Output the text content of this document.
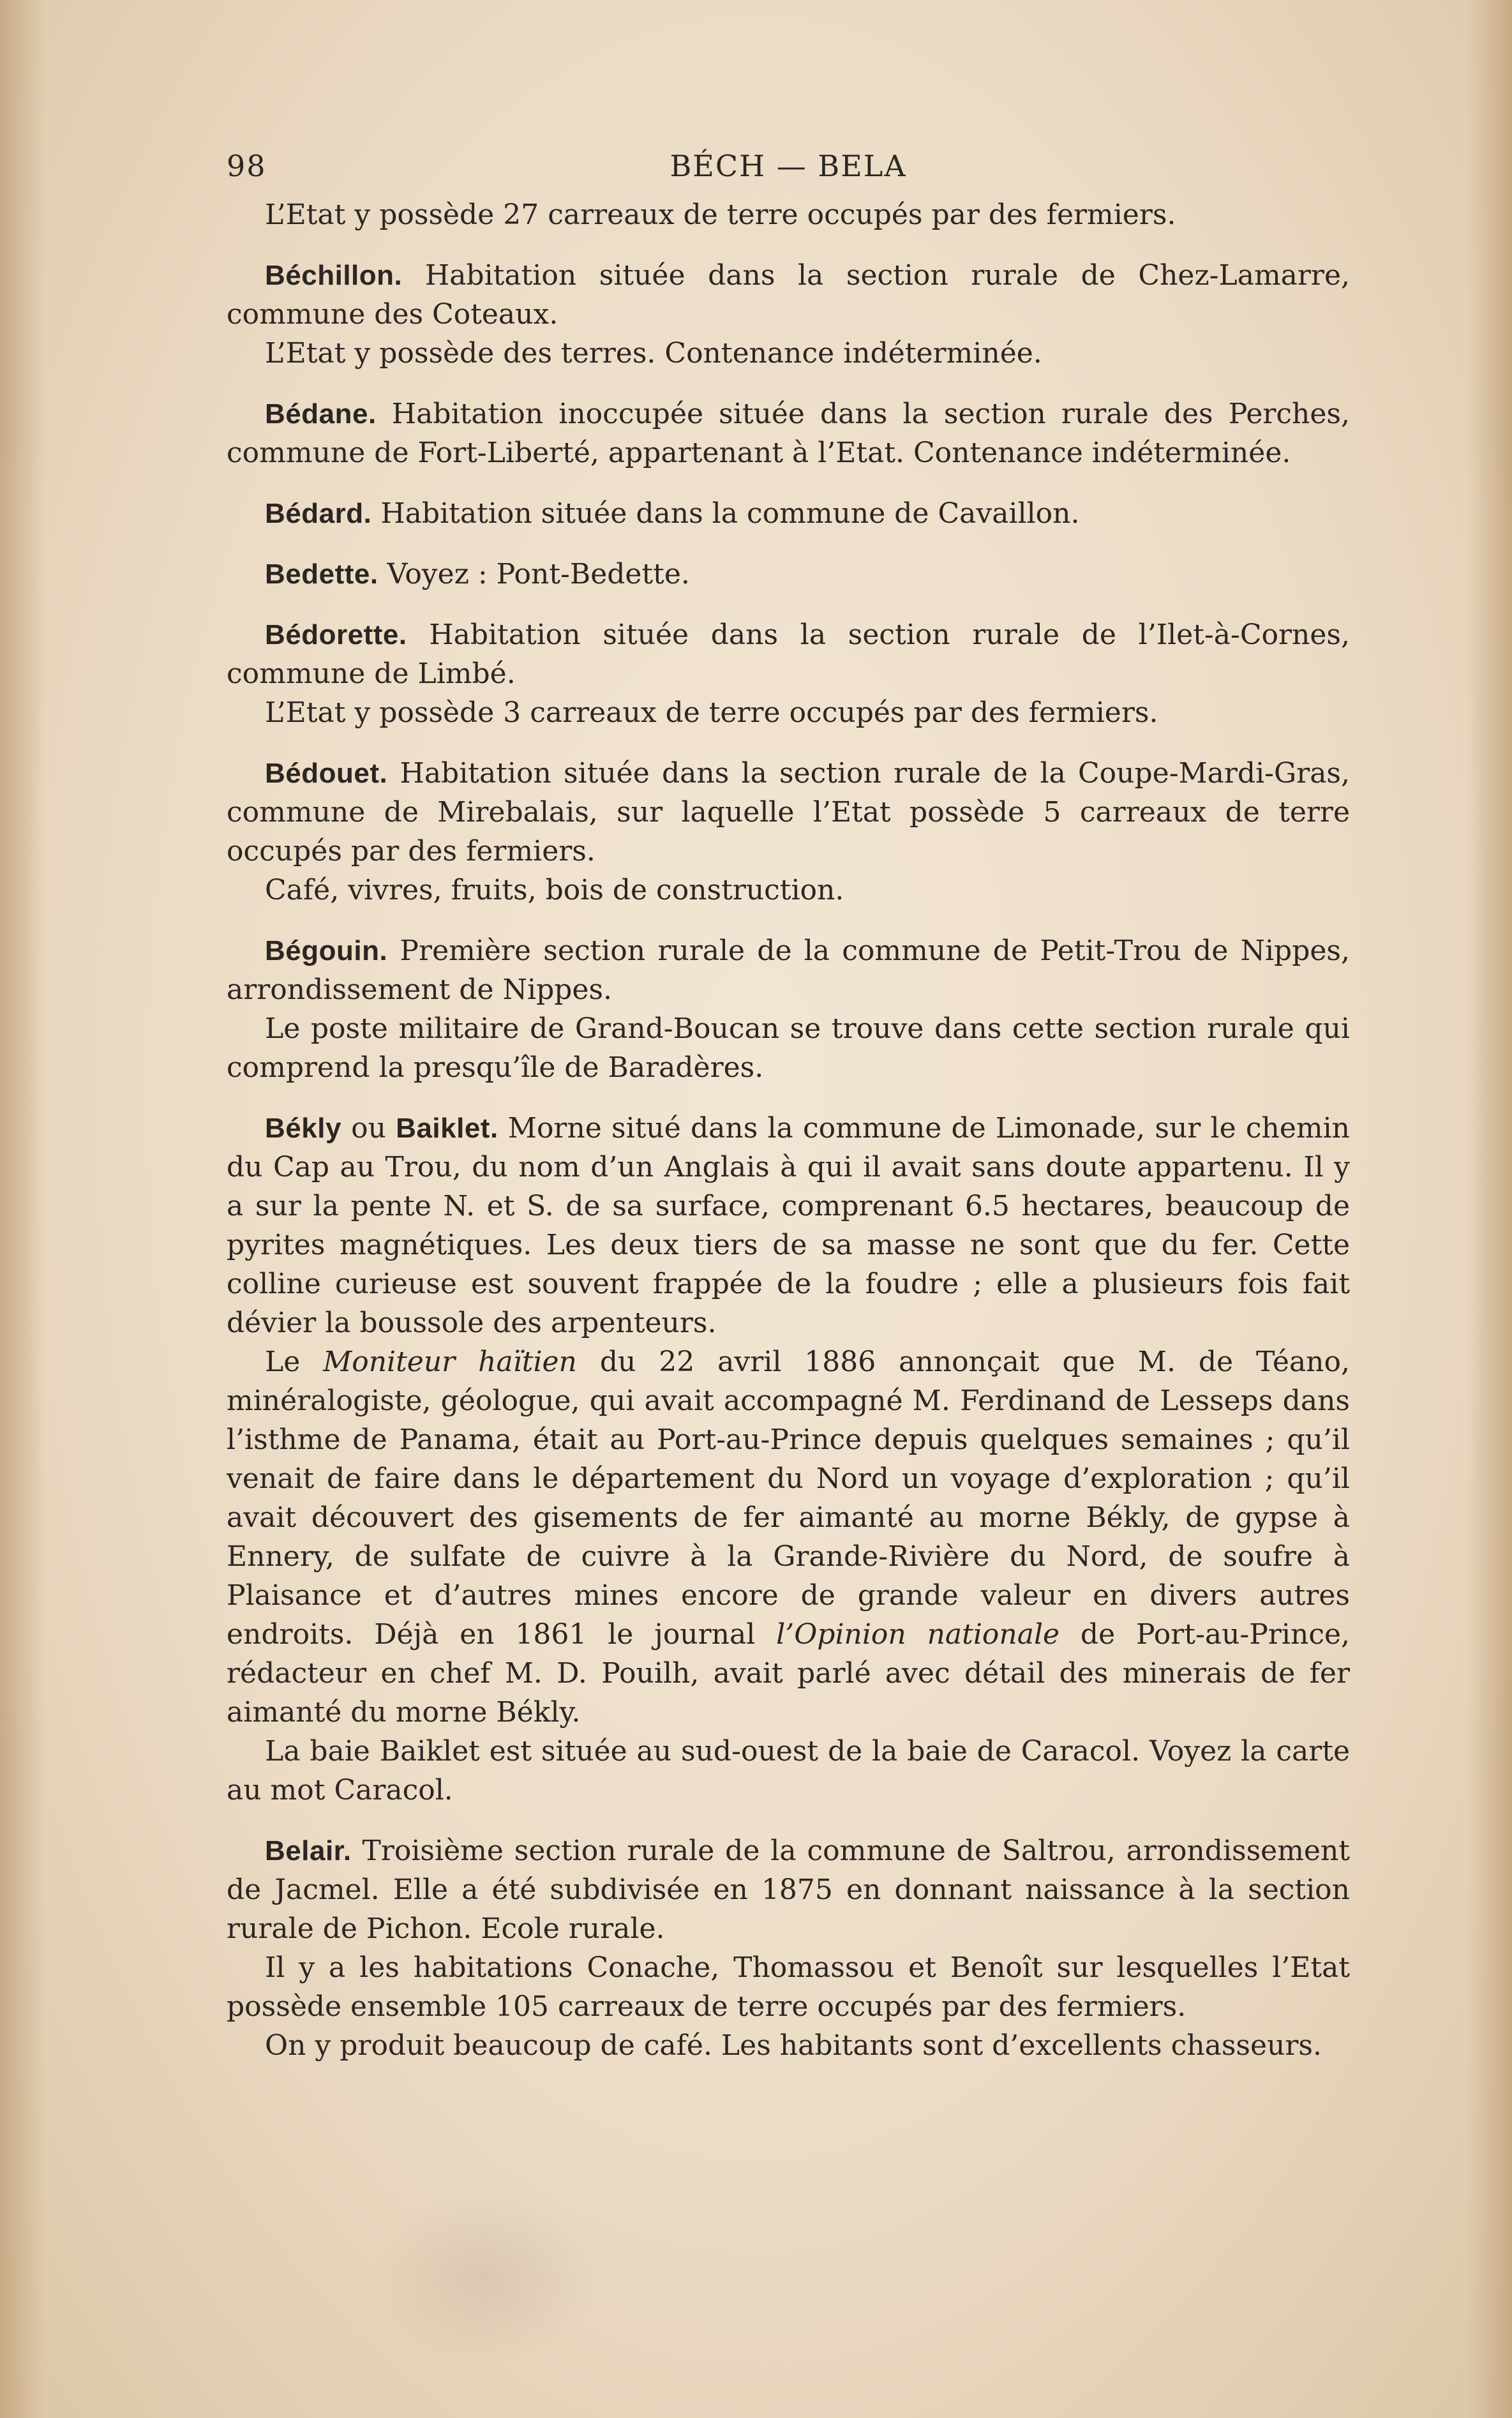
98	BÉCH — BELA

L’Etat y possède 27 carreaux de terre occupés par des fermiers.

Béchillon. Habitation située dans la section rurale de Chez-Lamarre, commune des Coteaux.

L’Etat y possède des terres. Contenance indéterminée.

Bédane. Habitation inoccupée située dans la section rurale des Perches, commune de Fort-Liberté, appartenant à l’Etat. Contenance indéterminée.

Bédard. Habitation située dans la commune de Cavaillon.

Bedette. Voyez : Pont-Bedette.

Bédorette. Habitation située dans la section rurale de l’Ilet-à-Cornes, commune de Limbé.

L’Etat y possède 3 carreaux de terre occupés par des fermiers.

Bédouet. Habitation située dans la section rurale de la Coupe-Mardi-Gras, commune de Mirebalais, sur laquelle l’Etat possède 5 carreaux de terre occupés par des fermiers.

Café, vivres, fruits, bois de construction.

Bégouin. Première section rurale de la commune de Petit-Trou de Nippes, arrondissement de Nippes.

Le poste militaire de Grand-Boucan se trouve dans cette section rurale qui comprend la presqu’île de Baradères.

Békly ou Baiklet. Morne situé dans la commune de Limonade, sur le chemin du Cap au Trou, du nom d’un Anglais à qui il avait sans doute appartenu. Il y a sur la pente N. et S. de sa surface, comprenant 6.5 hectares, beaucoup de pyrites magnétiques. Les deux tiers de sa masse ne sont que du fer. Cette colline curieuse est souvent frappée de la foudre ; elle a plusieurs fois fait dévier la boussole des arpenteurs.

Le Moniteur haïtien du 22 avril 1886 annonçait que M. de Téano, minéralogiste, géologue, qui avait accompagné M. Ferdinand de Lesseps dans l’isthme de Panama, était au Port-au-Prince depuis quelques semaines ; qu’il venait de faire dans le département du Nord un voyage d’exploration ; qu’il avait découvert des gisements de fer aimanté au morne Békly, de gypse à Ennery, de sulfate de cuivre à la Grande-Rivière du Nord, de soufre à Plaisance et d’autres mines encore de grande valeur en divers autres endroits. Déjà en 1861 le journal l’Opinion nationale de Port-au-Prince, rédacteur en chef M. D. Pouilh, avait parlé avec détail des minerais de fer aimanté du morne Békly.

La baie Baiklet est située au sud-ouest de la baie de Caracol. Voyez la carte au mot Caracol.

Belair. Troisième section rurale de la commune de Saltrou, arrondissement de Jacmel. Elle a été subdivisée en 1875 en donnant naissance à la section rurale de Pichon. Ecole rurale.

Il y a les habitations Conache, Thomassou et Benoît sur lesquelles l’Etat possède ensemble 105 carreaux de terre occupés par des fermiers.

On y produit beaucoup de café. Les habitants sont d’excellents chasseurs.
